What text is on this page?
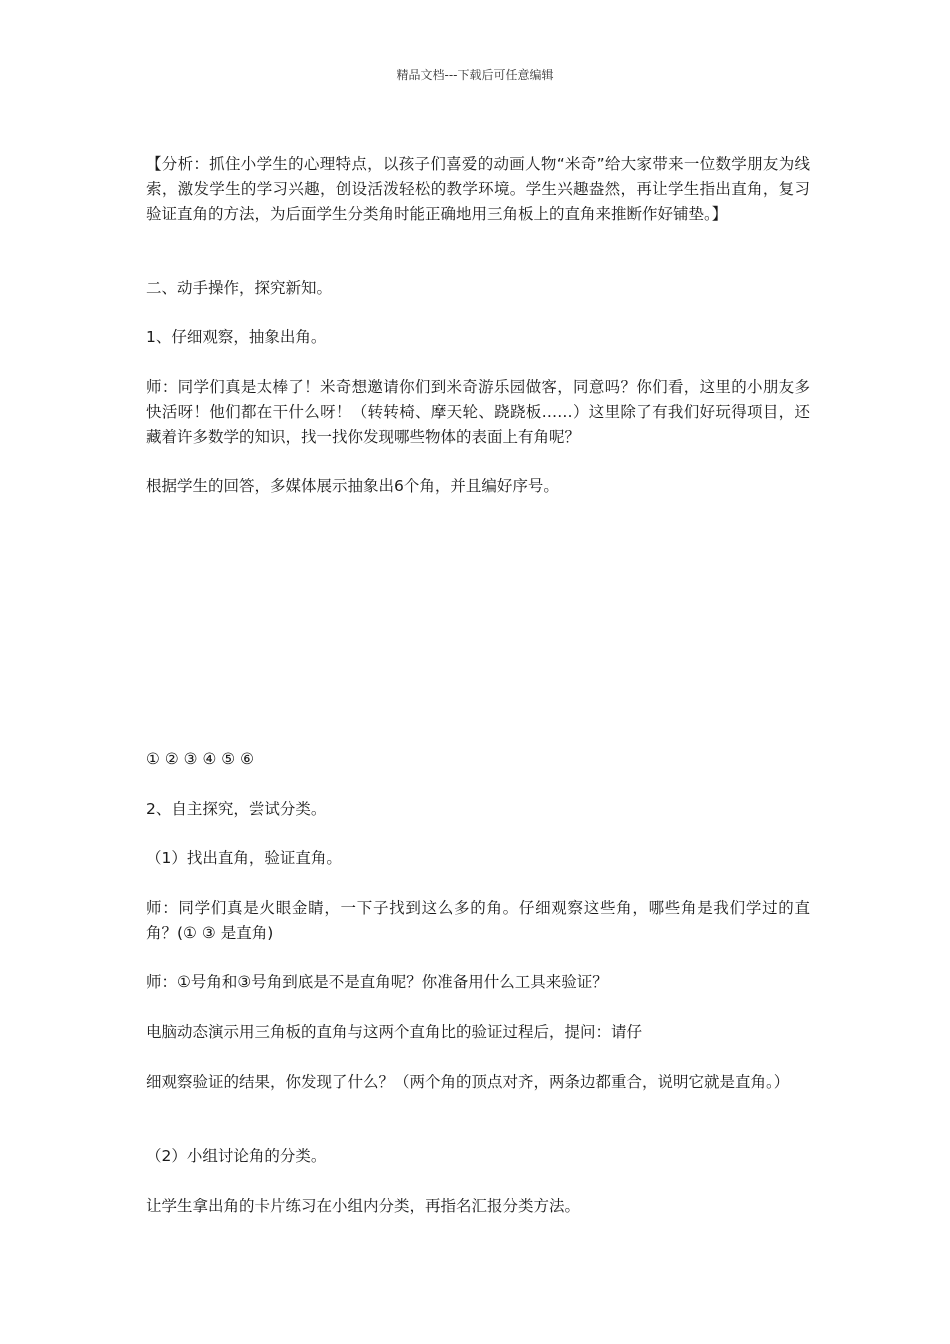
精品文档---下载后可任意编辑

【分析：抓住小学生的心理特点，以孩子们喜爱的动画人物“米奇”给大家带来一位数学朋友为线索，激发学生的学习兴趣，创设活泼轻松的教学环境。学生兴趣盎然，再让学生指出直角，复习验证直角的方法，为后面学生分类角时能正确地用三角板上的直角来推断作好铺垫。】

二、动手操作，探究新知。

1、仔细观察，抽象出角。

师：同学们真是太棒了！米奇想邀请你们到米奇游乐园做客，同意吗？你们看，这里的小朋友多快活呀！他们都在干什么呀！（转转椅、摩天轮、跷跷板……）这里除了有我们好玩得项目，还藏着许多数学的知识，找一找你发现哪些物体的表面上有角呢？

根据学生的回答，多媒体展示抽象出6个角，并且编好序号。

① ② ③ ④ ⑤ ⑥

2、自主探究，尝试分类。

（1）找出直角，验证直角。

师：同学们真是火眼金睛，一下子找到这么多的角。仔细观察这些角，哪些角是我们学过的直角？(① ③ 是直角)

师：①号角和③号角到底是不是直角呢？你准备用什么工具来验证？

电脑动态演示用三角板的直角与这两个直角比的验证过程后，提问：请仔

细观察验证的结果，你发现了什么？（两个角的顶点对齐，两条边都重合，说明它就是直角。）

（2）小组讨论角的分类。

让学生拿出角的卡片练习在小组内分类，再指名汇报分类方法。
